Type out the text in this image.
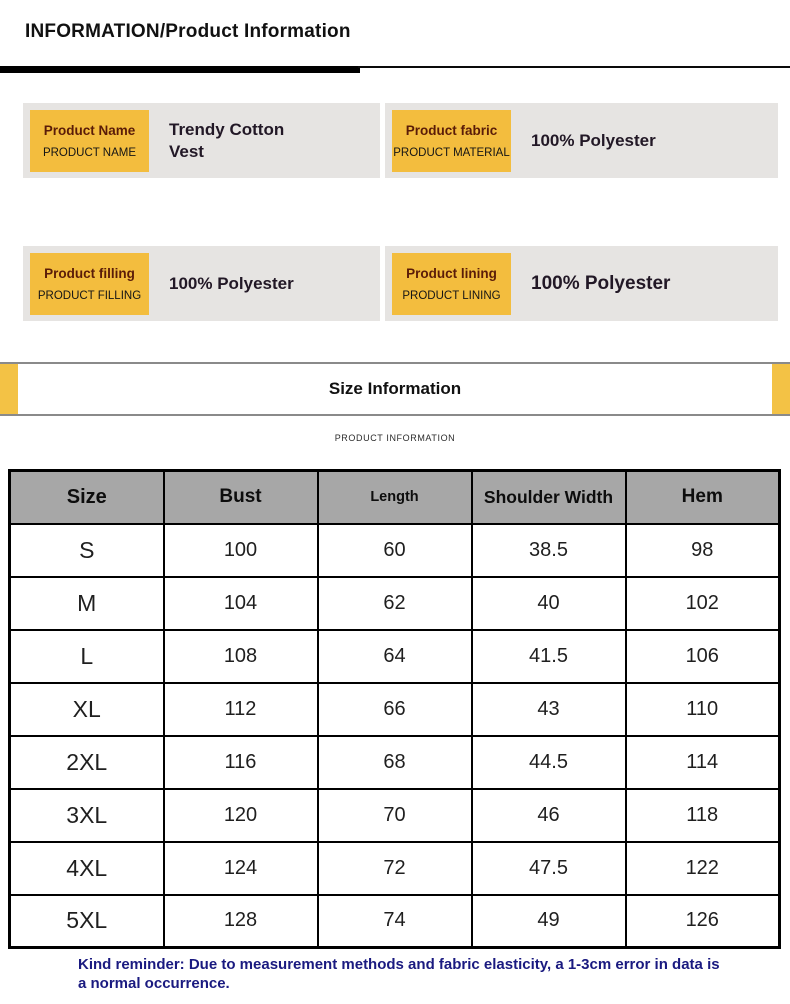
INFORMATION/Product Information
Product Name
PRODUCT NAME
Trendy Cotton Vest
Product fabric
PRODUCT MATERIAL
100% Polyester
Product filling
PRODUCT FILLING
100% Polyester
Product lining
PRODUCT LINING
100% Polyester
Size Information
PRODUCT INFORMATION
Size	Bust	Length	Shoulder Width	Hem
S	100	60	38.5	98
M	104	62	40	102
L	108	64	41.5	106
XL	112	66	43	110
2XL	116	68	44.5	114
3XL	120	70	46	118
4XL	124	72	47.5	122
5XL	128	74	49	126
Kind reminder: Due to measurement methods and fabric elasticity, a 1-3cm error in data is a normal occurrence.
